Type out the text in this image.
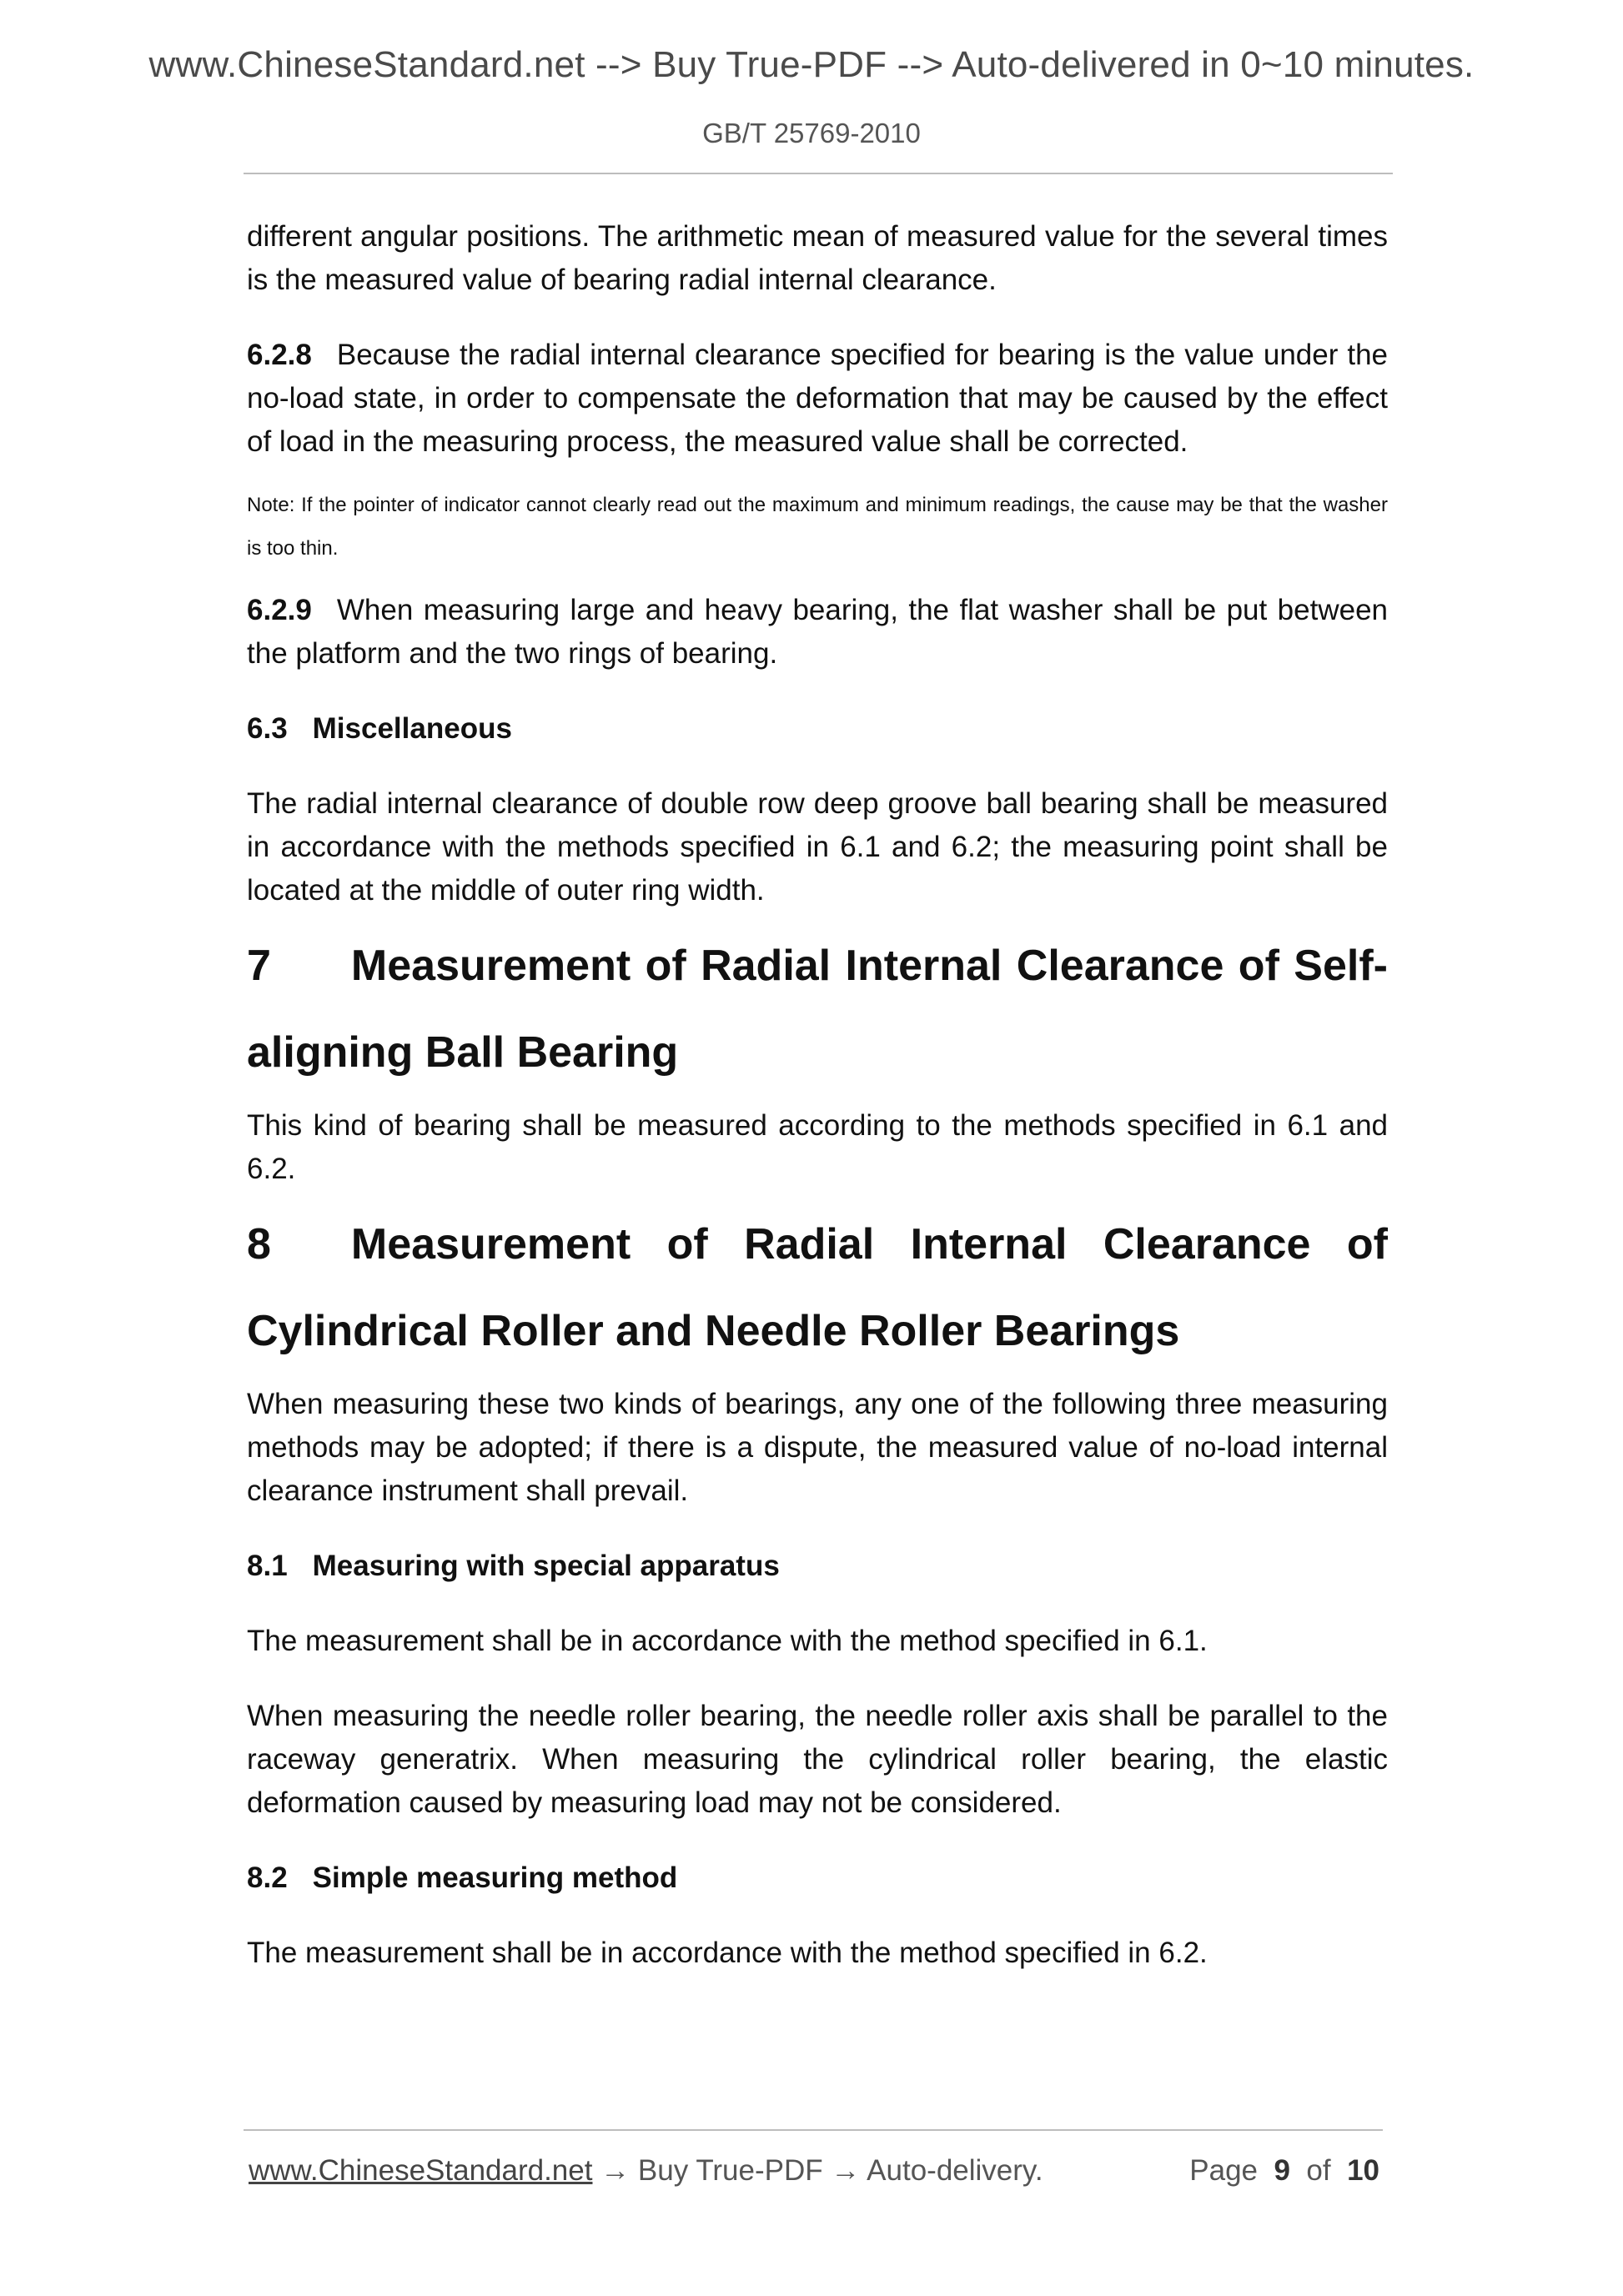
www.ChineseStandard.net --> Buy True-PDF --> Auto-delivered in 0~10 minutes.
GB/T 25769-2010

different angular positions. The arithmetic mean of measured value for the several times is the measured value of bearing radial internal clearance.

6.2.8 Because the radial internal clearance specified for bearing is the value under the no-load state, in order to compensate the deformation that may be caused by the effect of load in the measuring process, the measured value shall be corrected.

Note: If the pointer of indicator cannot clearly read out the maximum and minimum readings, the cause may be that the washer is too thin.

6.2.9 When measuring large and heavy bearing, the flat washer shall be put between the platform and the two rings of bearing.

6.3 Miscellaneous

The radial internal clearance of double row deep groove ball bearing shall be measured in accordance with the methods specified in 6.1 and 6.2; the measuring point shall be located at the middle of outer ring width.

7 Measurement of Radial Internal Clearance of Self-aligning Ball Bearing

This kind of bearing shall be measured according to the methods specified in 6.1 and 6.2.

8 Measurement of Radial Internal Clearance of Cylindrical Roller and Needle Roller Bearings

When measuring these two kinds of bearings, any one of the following three measuring methods may be adopted; if there is a dispute, the measured value of no-load internal clearance instrument shall prevail.

8.1 Measuring with special apparatus

The measurement shall be in accordance with the method specified in 6.1.

When measuring the needle roller bearing, the needle roller axis shall be parallel to the raceway generatrix. When measuring the cylindrical roller bearing, the elastic deformation caused by measuring load may not be considered.

8.2 Simple measuring method

The measurement shall be in accordance with the method specified in 6.2.

www.ChineseStandard.net → Buy True-PDF → Auto-delivery.	Page 9 of 10
